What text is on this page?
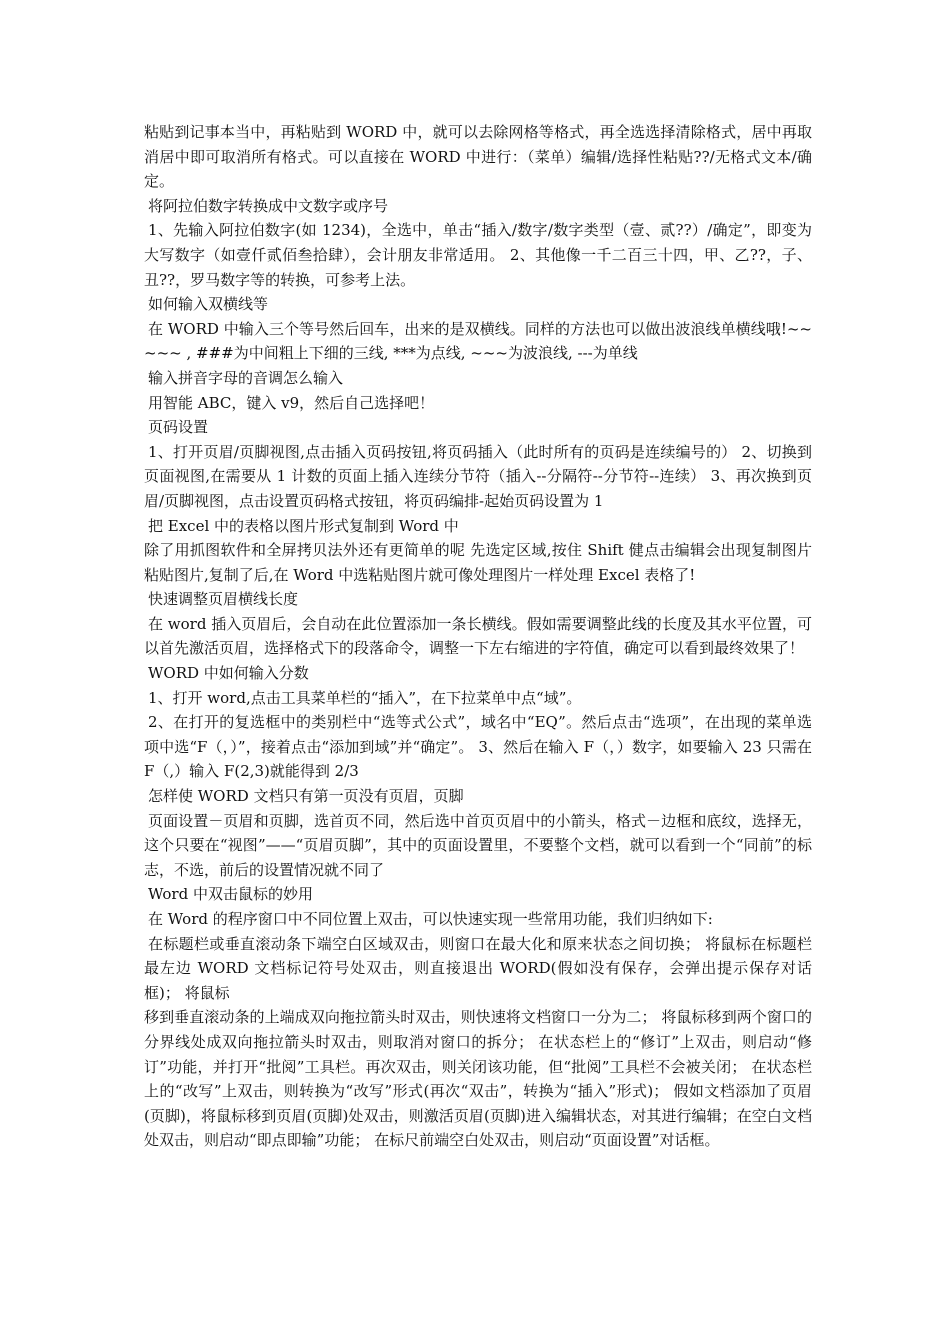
粘贴到记事本当中，再粘贴到 WORD 中，就可以去除网格等格式，再全选选择清除格式，居中再取消居中即可取消所有格式。可以直接在 WORD 中进行：（菜单）编辑/选择性粘贴??/无格式文本/确定。

将阿拉伯数字转换成中文数字或序号

1、先输入阿拉伯数字(如 1234)，全选中，单击“插入/数字/数字类型（壹、贰??）/确定”，即变为大写数字（如壹仟贰佰叁拾肆），会计朋友非常适用。 2、其他像一千二百三十四，甲、乙??，子、丑??，罗马数字等的转换，可参考上法。

如何输入双横线等

在 WORD 中输入三个等号然后回车，出来的是双横线。同样的方法也可以做出波浪线单横线哦!~~~~~ , ###为中间粗上下细的三线, ***为点线, ~~~为波浪线, ---为单线

输入拼音字母的音调怎么输入

用智能 ABC，键入 v9，然后自己选择吧！

页码设置

1、打开页眉/页脚视图,点击插入页码按钮,将页码插入（此时所有的页码是连续编号的） 2、切换到页面视图,在需要从 1 计数的页面上插入连续分节符（插入--分隔符--分节符--连续） 3、再次换到页眉/页脚视图，点击设置页码格式按钮，将页码编排-起始页码设置为 1

把 Excel 中的表格以图片形式复制到 Word 中

除了用抓图软件和全屏拷贝法外还有更简单的呢 先选定区域,按住 Shift 健点击编辑会出现复制图片粘贴图片,复制了后,在 Word 中选粘贴图片就可像处理图片一样处理 Excel 表格了!

快速调整页眉横线长度

在 word 插入页眉后，会自动在此位置添加一条长横线。假如需要调整此线的长度及其水平位置，可以首先激活页眉，选择格式下的段落命令，调整一下左右缩进的字符值，确定可以看到最终效果了！

WORD 中如何输入分数

1、打开 word,点击工具菜单栏的“插入”，在下拉菜单中点“域”。

2、在打开的复选框中的类别栏中“选等式公式”，域名中“EQ”。然后点击“选项”，在出现的菜单选项中选“F（，）”，接着点击“添加到域”并“确定”。 3、然后在输入 F（，）数字，如要输入 23 只需在 F（,）输入 F(2,3)就能得到 2/3

怎样使 WORD 文档只有第一页没有页眉，页脚

页面设置－页眉和页脚，选首页不同，然后选中首页页眉中的小箭头，格式－边框和底纹，选择无，这个只要在“视图”——“页眉页脚”，其中的页面设置里，不要整个文档，就可以看到一个“同前”的标志，不选，前后的设置情况就不同了

Word 中双击鼠标的妙用

在 Word 的程序窗口中不同位置上双击，可以快速实现一些常用功能，我们归纳如下:

在标题栏或垂直滚动条下端空白区域双击，则窗口在最大化和原来状态之间切换； 将鼠标在标题栏最左边 WORD 文档标记符号处双击，则直接退出 WORD(假如没有保存，会弹出提示保存对话框)； 将鼠标

移到垂直滚动条的上端成双向拖拉箭头时双击，则快速将文档窗口一分为二； 将鼠标移到两个窗口的分界线处成双向拖拉箭头时双击，则取消对窗口的拆分； 在状态栏上的“修订”上双击，则启动“修订”功能，并打开“批阅”工具栏。再次双击，则关闭该功能，但“批阅”工具栏不会被关闭； 在状态栏上的“改写”上双击，则转换为“改写”形式(再次“双击”，转换为“插入”形式)； 假如文档添加了页眉(页脚)，将鼠标移到页眉(页脚)处双击，则激活页眉(页脚)进入编辑状态，对其进行编辑；在空白文档处双击，则启动“即点即输”功能； 在标尺前端空白处双击，则启动“页面设置”对话框。
